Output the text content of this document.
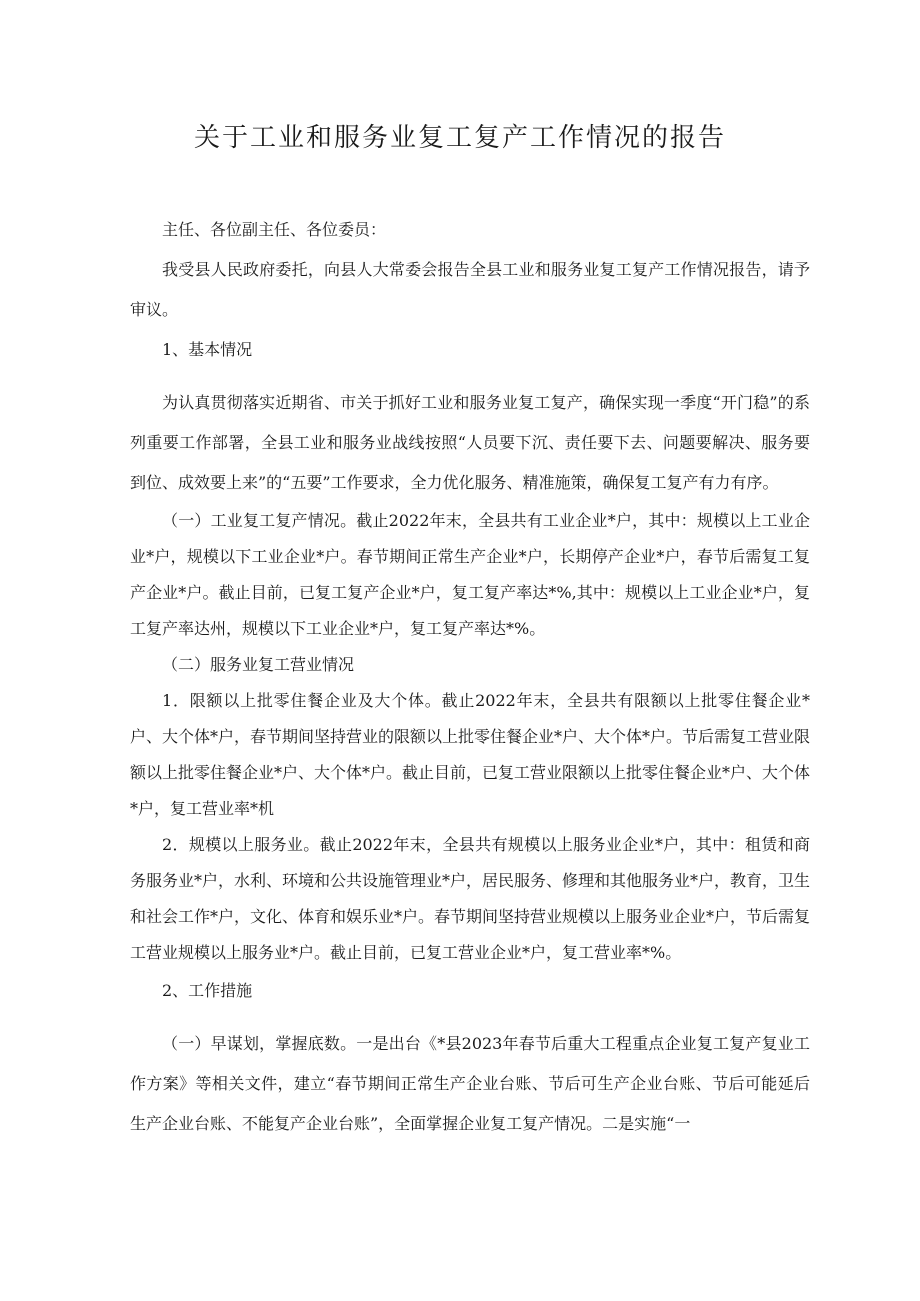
关于工业和服务业复工复产工作情况的报告

主任、各位副主任、各位委员：

我受县人民政府委托，向县人大常委会报告全县工业和服务业复工复产工作情况报告，请予审议。

1、基本情况

为认真贯彻落实近期省、市关于抓好工业和服务业复工复产，确保实现一季度“开门稳”的系列重要工作部署，全县工业和服务业战线按照“人员要下沉、责任要下去、问题要解决、服务要到位、成效要上来”的“五要”工作要求，全力优化服务、精准施策，确保复工复产有力有序。

（一）工业复工复产情况。截止2022年末，全县共有工业企业*户，其中：规模以上工业企业*户，规模以下工业企业*户。春节期间正常生产企业*户，长期停产企业*户，春节后需复工复产企业*户。截止目前，已复工复产企业*户，复工复产率达*%,其中：规模以上工业企业*户，复工复产率达州，规模以下工业企业*户，复工复产率达*%。

（二）服务业复工营业情况

1．限额以上批零住餐企业及大个体。截止2022年末，全县共有限额以上批零住餐企业*户、大个体*户，春节期间坚持营业的限额以上批零住餐企业*户、大个体*户。节后需复工营业限额以上批零住餐企业*户、大个体*户。截止目前，已复工营业限额以上批零住餐企业*户、大个体*户，复工营业率*机

2．规模以上服务业。截止2022年末，全县共有规模以上服务业企业*户，其中：租赁和商务服务业*户，水利、环境和公共设施管理业*户，居民服务、修理和其他服务业*户，教育，卫生和社会工作*户，文化、体育和娱乐业*户。春节期间坚持营业规模以上服务业企业*户，节后需复工营业规模以上服务业*户。截止目前，已复工营业企业*户，复工营业率*%。

2、工作措施

（一）早谋划，掌握底数。一是出台《*县2023年春节后重大工程重点企业复工复产复业工作方案》等相关文件，建立“春节期间正常生产企业台账、节后可生产企业台账、节后可能延后生产企业台账、不能复产企业台账”，全面掌握企业复工复产情况。二是实施“一
